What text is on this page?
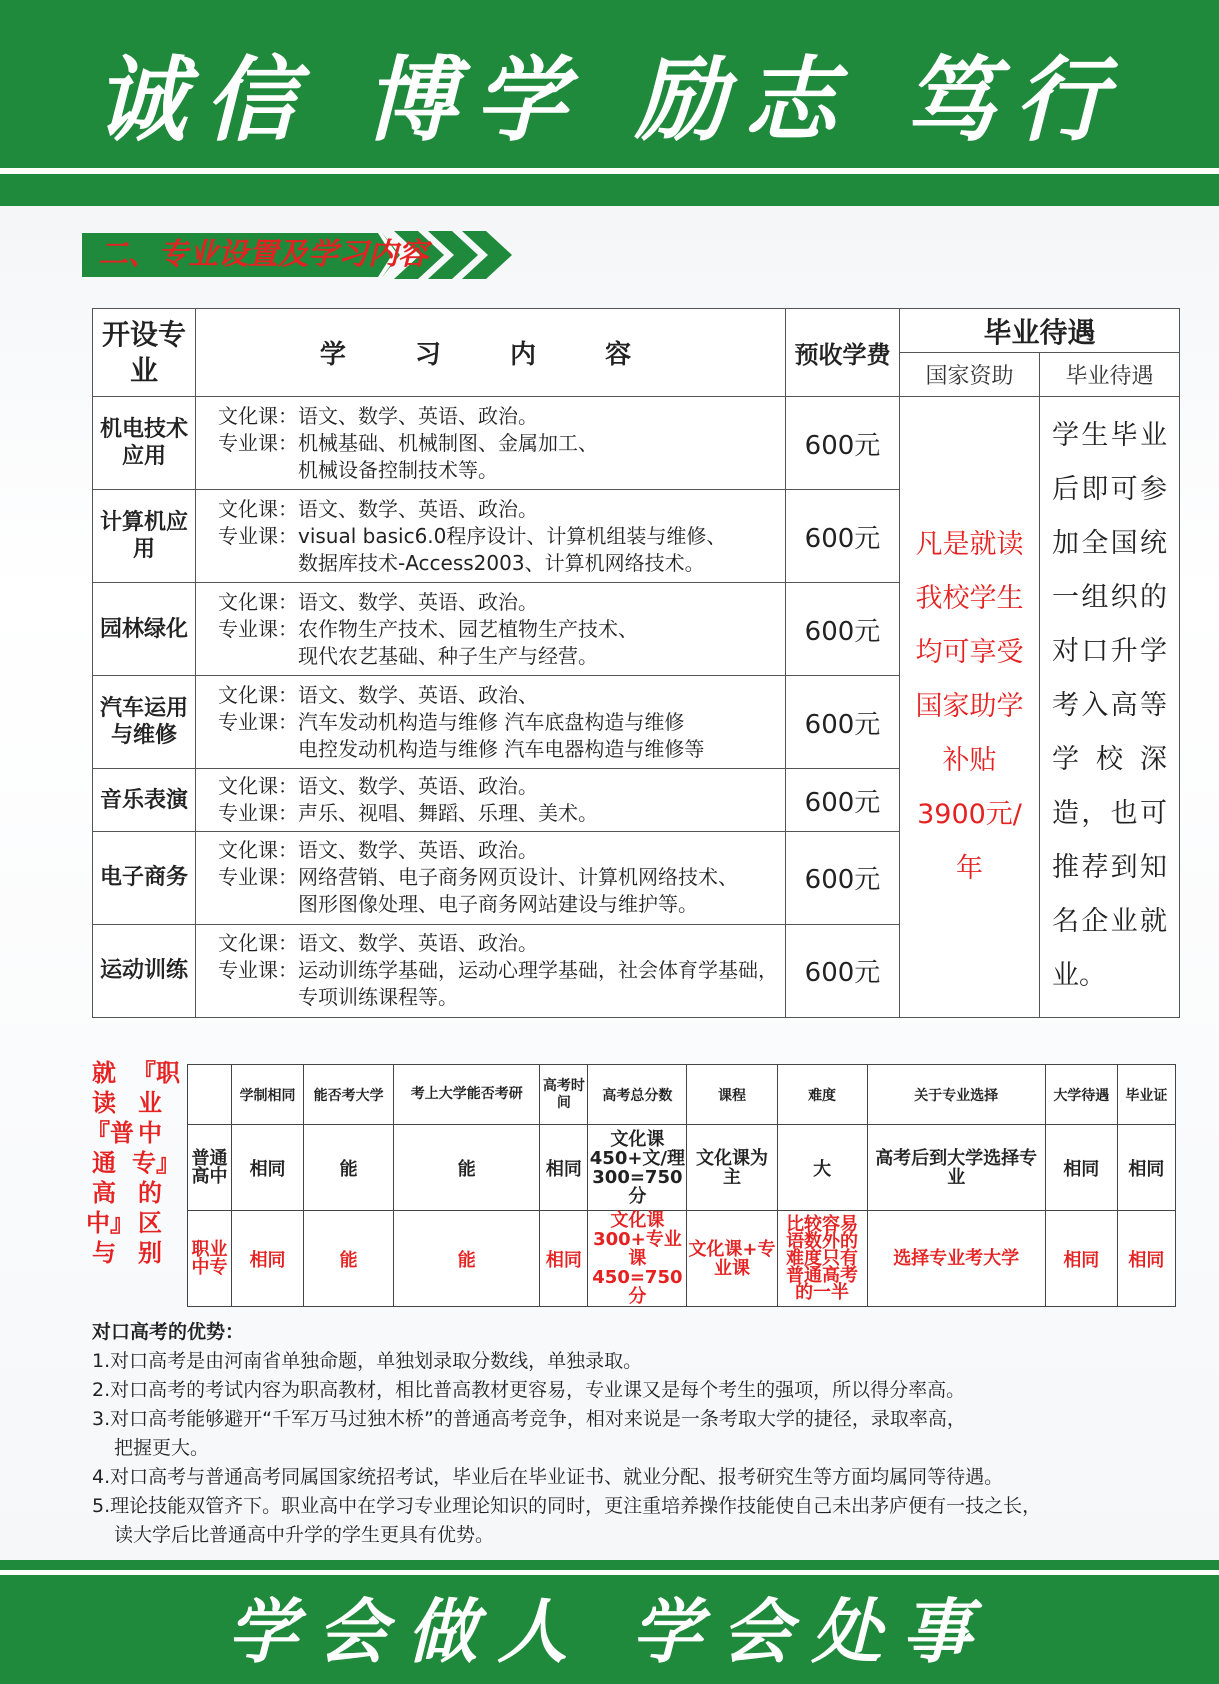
诚信 博学 励志 笃行
二、专业设置及学习内容
开设专业	学 习 内 容	预收学费	毕业待遇	
			国家资助	毕业待遇
机电技术应用	文化课：语文、数学、英语、政治。
专业课：机械基础、机械制图、金属加工、
机械设备控制技术等。	600元	凡是就读我校学生均可享受国家助学补贴3900元/年	学生毕业后即可参加全国统一组织的对口升学考入高等学校深造，也可推荐到知名企业就业。
计算机应用	文化课：语文、数学、英语、政治。
专业课：visual basic6.0程序设计、计算机组装与维修、
数据库技术-Access2003、计算机网络技术。	600元		
园林绿化	文化课：语文、数学、英语、政治。
专业课：农作物生产技术、园艺植物生产技术、
现代农艺基础、种子生产与经营。	600元		
汽车运用与维修	文化课：语文、数学、英语、政治、
专业课：汽车发动机构造与维修 汽车底盘构造与维修
电控发动机构造与维修 汽车电器构造与维修等	600元		
音乐表演	文化课：语文、数学、英语、政治。
专业课：声乐、视唱、舞蹈、乐理、美术。	600元		
电子商务	文化课：语文、数学、英语、政治。
专业课：网络营销、电子商务网页设计、计算机网络技术、
图形图像处理、电子商务网站建设与维护等。	600元		
运动训练	文化课：语文、数学、英语、政治。
专业课：运动训练学基础，运动心理学基础，社会体育学基础，
专项训练课程等。	600元		
就读『普通高中』与
『职业中专』的区别
	学制相同	能否考大学	考上大学能否考研	高考时间	高考总分数	课程	难度	关于专业选择	大学待遇	毕业证
普通高中	相同	能	能	相同	文化课450+文/理300=750分	文化课为主	大	高考后到大学选择专业	相同	相同
职业中专	相同	能	能	相同	文化课300+专业课450=750分	文化课+专业课	比较容易语数外的难度只有普通高考的一半	选择专业考大学	相同	相同
对口高考的优势：
1.对口高考是由河南省单独命题，单独划录取分数线，单独录取。
2.对口高考的考试内容为职高教材，相比普高教材更容易，专业课又是每个考生的强项，所以得分率高。
3.对口高考能够避开“千军万马过独木桥”的普通高考竞争，相对来说是一条考取大学的捷径，录取率高，
把握更大。
4.对口高考与普通高考同属国家统招考试，毕业后在毕业证书、就业分配、报考研究生等方面均属同等待遇。
5.理论技能双管齐下。职业高中在学习专业理论知识的同时，更注重培养操作技能使自己未出茅庐便有一技之长，
读大学后比普通高中升学的学生更具有优势。
学会做人 学会处事
